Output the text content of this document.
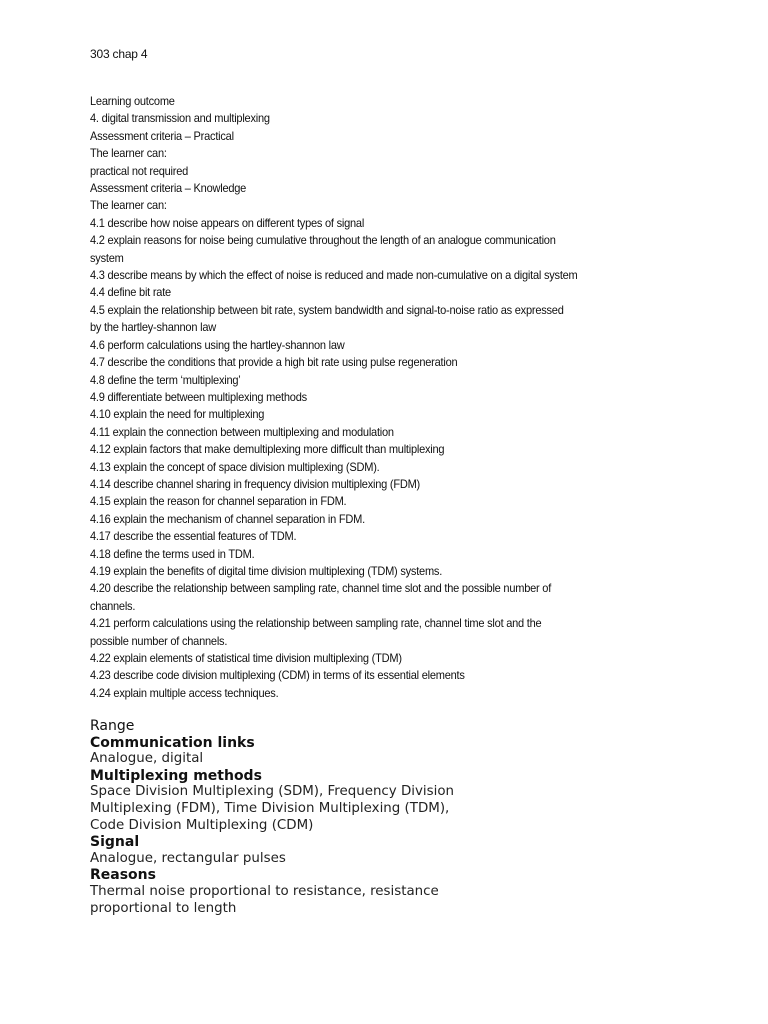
303 chap 4
Learning outcome
4. digital transmission and multiplexing
Assessment criteria – Practical
The learner can:
practical not required
Assessment criteria – Knowledge
The learner can:
4.1 describe how noise appears on different types of signal
4.2 explain reasons for noise being cumulative throughout the length of an analogue communication
system
4.3 describe means by which the effect of noise is reduced and made non-cumulative on a digital system
4.4 define bit rate
4.5 explain the relationship between bit rate, system bandwidth and signal-to-noise ratio as expressed
by the hartley-shannon law
4.6 perform calculations using the hartley-shannon law
4.7 describe the conditions that provide a high bit rate using pulse regeneration
4.8 define the term ‘multiplexing’
4.9 differentiate between multiplexing methods
4.10 explain the need for multiplexing
4.11 explain the connection between multiplexing and modulation
4.12 explain factors that make demultiplexing more difficult than multiplexing
4.13 explain the concept of space division multiplexing (SDM).
4.14 describe channel sharing in frequency division multiplexing (FDM)
4.15 explain the reason for channel separation in FDM.
4.16 explain the mechanism of channel separation in FDM.
4.17 describe the essential features of TDM.
4.18 define the terms used in TDM.
4.19 explain the benefits of digital time division multiplexing (TDM) systems.
4.20 describe the relationship between sampling rate, channel time slot and the possible number of
channels.
4.21 perform calculations using the relationship between sampling rate, channel time slot and the
possible number of channels.
4.22 explain elements of statistical time division multiplexing (TDM)
4.23 describe code division multiplexing (CDM) in terms of its essential elements
4.24 explain multiple access techniques.
Range
Communication links
Analogue, digital
Multiplexing methods
Space Division Multiplexing (SDM), Frequency Division
Multiplexing (FDM), Time Division Multiplexing (TDM),
Code Division Multiplexing (CDM)
Signal
Analogue, rectangular pulses
Reasons
Thermal noise proportional to resistance, resistance
proportional to length
